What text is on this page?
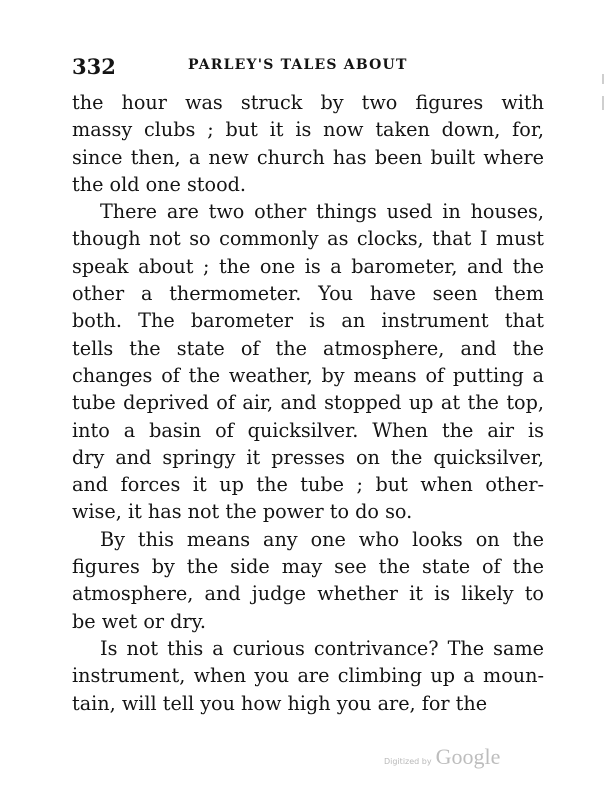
332	PARLEY'S TALES ABOUT
the hour was struck by two figures with
massy clubs ; but it is now taken down, for,
since then, a new church has been built where
the old one stood.
There are two other things used in houses,
though not so commonly as clocks, that I must
speak about ; the one is a barometer, and the
other a thermometer. You have seen them
both. The barometer is an instrument that
tells the state of the atmosphere, and the
changes of the weather, by means of putting a
tube deprived of air, and stopped up at the top,
into a basin of quicksilver. When the air is
dry and springy it presses on the quicksilver,
and forces it up the tube ; but when other-
wise, it has not the power to do so.
By this means any one who looks on the
figures by the side may see the state of the
atmosphere, and judge whether it is likely to
be wet or dry.
Is not this a curious contrivance? The same
instrument, when you are climbing up a moun-
tain, will tell you how high you are, for the
Digitized by Google
